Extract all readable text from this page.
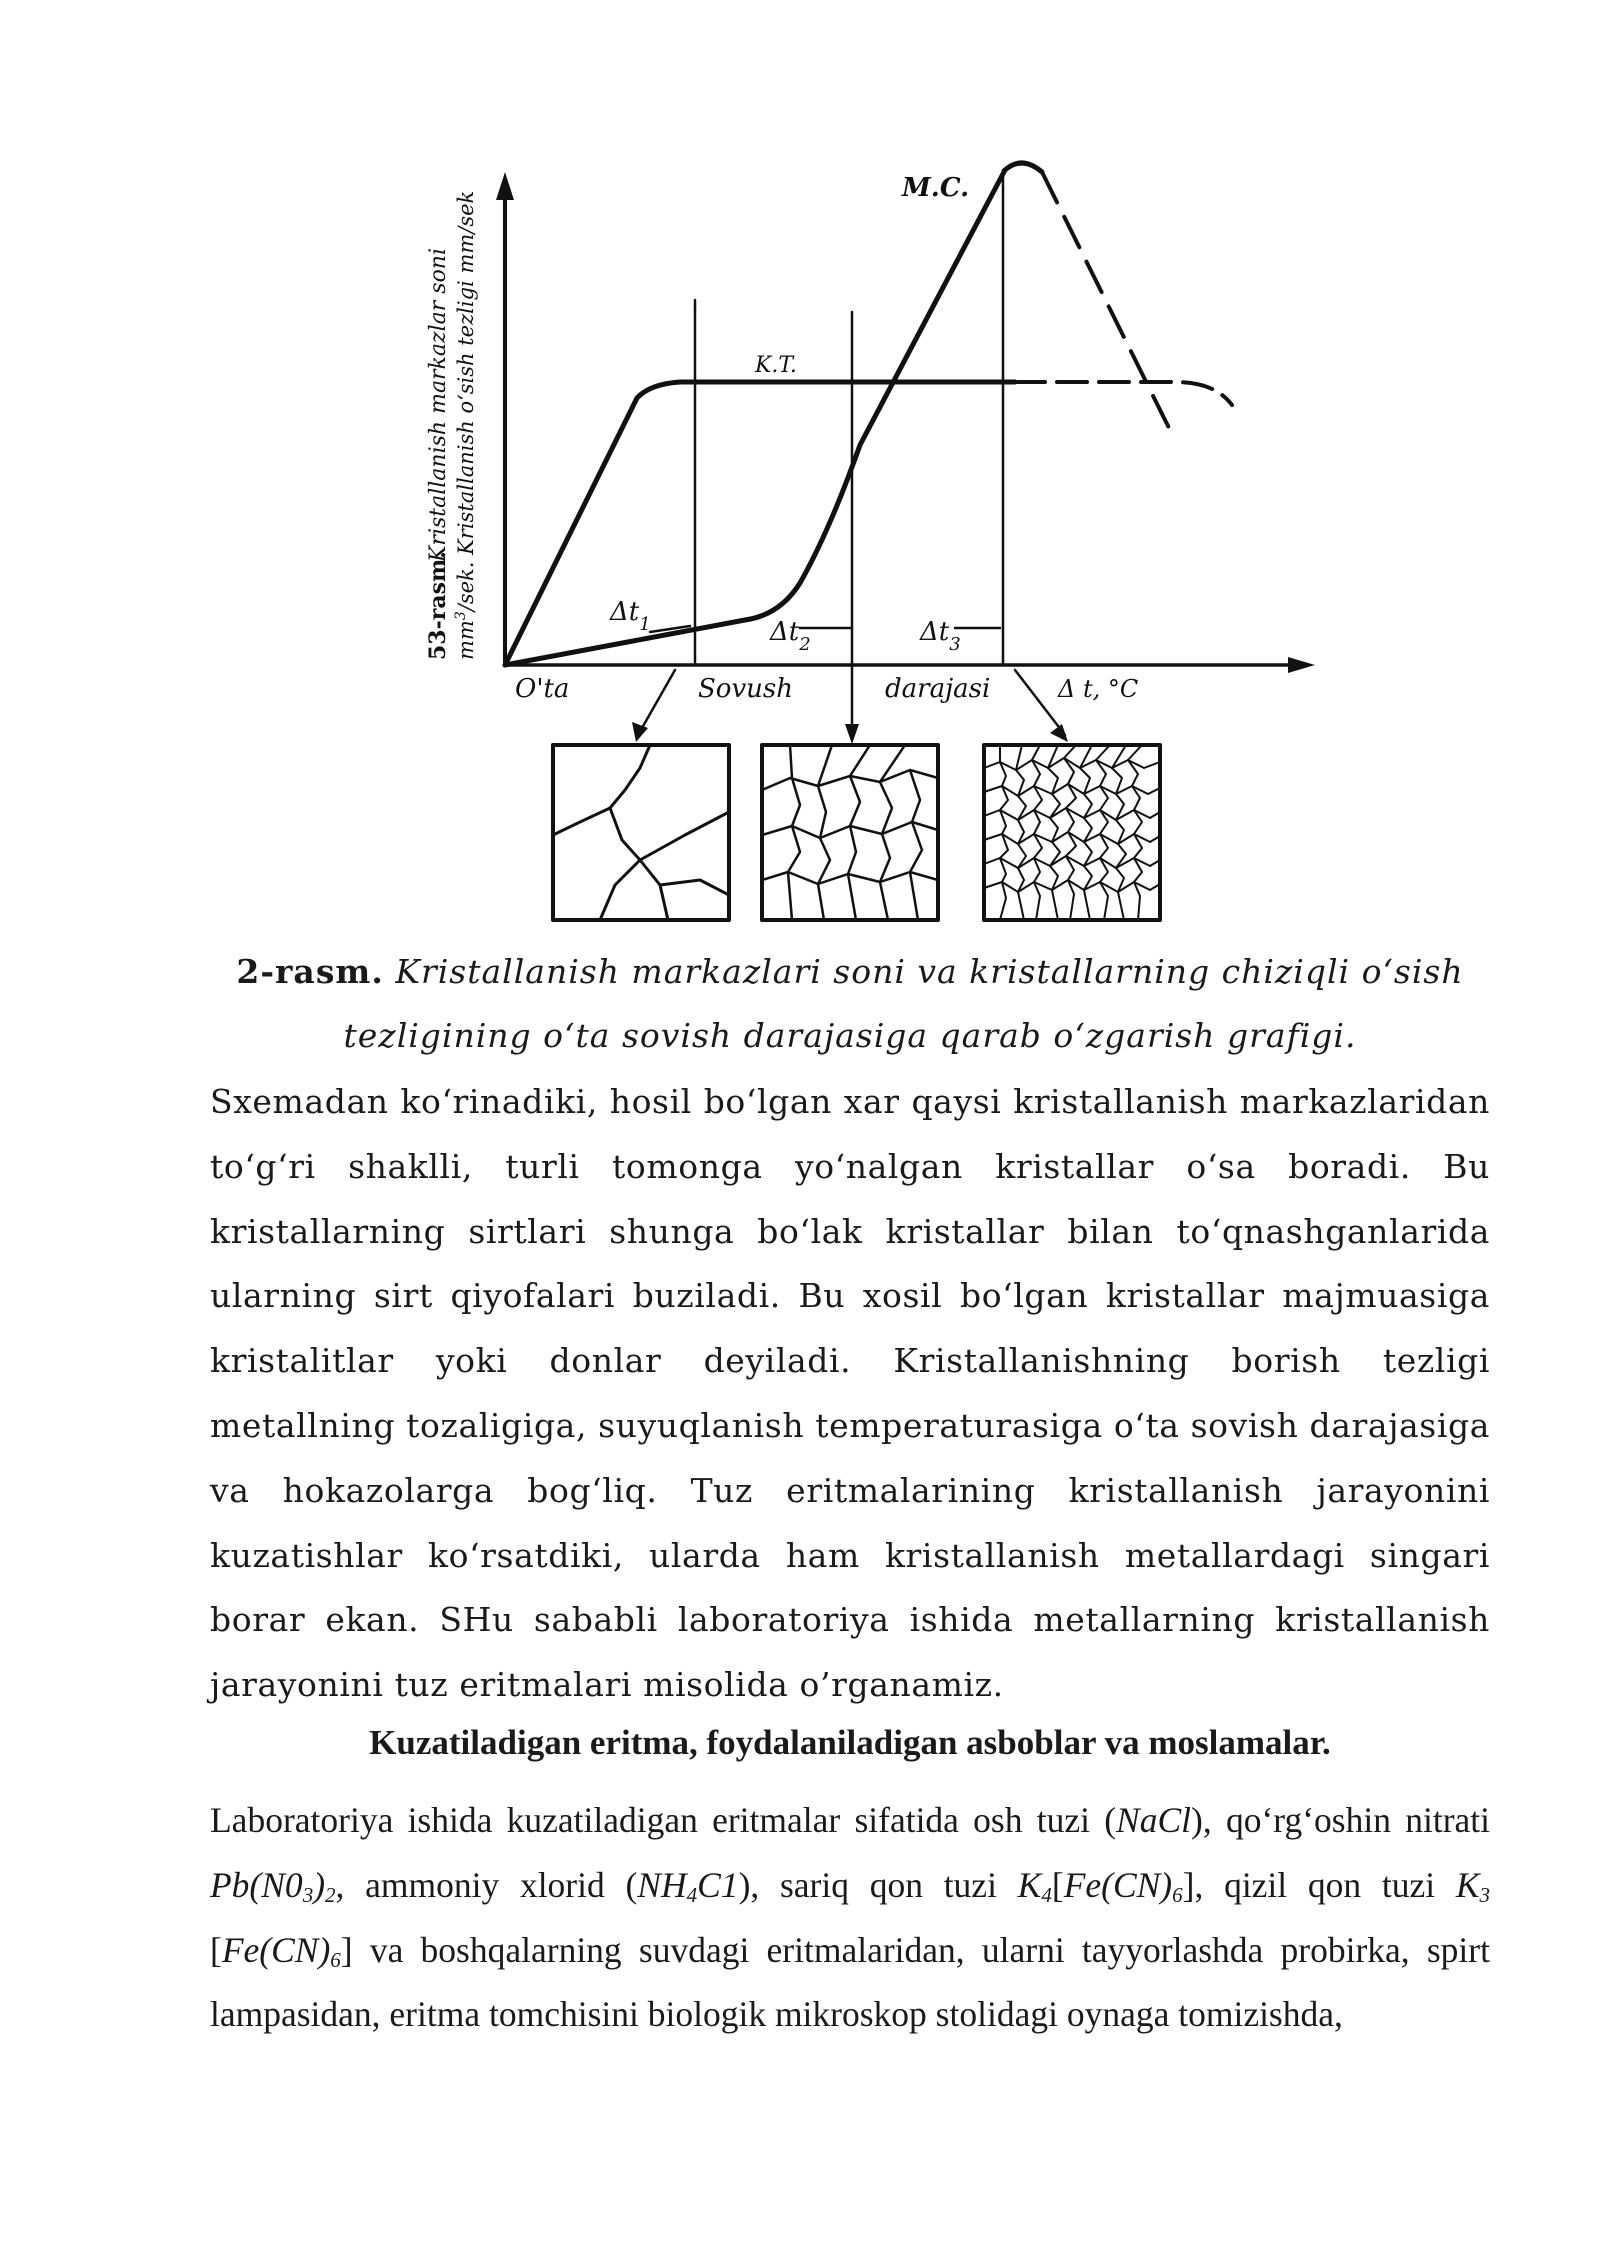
53-rasm.
Kristallanish markazlar soni
$mm^3$/sek. Kristallanish o‘sish tezligi mm/sek
M.C.
K.T.
$\Delta t_1$	$\Delta t_2$	$\Delta t_3$
O'ta	Sovush	darajasi	Δ t, °C
2-rasm. Kristallanish markazlari soni va kristallarning chiziqli o‘sish tezligining o‘ta sovish darajasiga qarab o‘zgarish grafigi.
Sxemadan ko‘rinadiki, hosil bo‘lgan xar qaysi kristallanish markazlaridan to‘g‘ri shaklli, turli tomonga yo‘nalgan kristallar o‘sa boradi. Bu kristallarning sirtlari shunga bo‘lak kristallar bilan to‘qnashganlarida ularning sirt qiyofalari buziladi. Bu xosil bo‘lgan kristallar majmuasiga kristalitlar yoki donlar deyiladi. Kristallanishning borish tezligi metallning tozaligiga, suyuqlanish temperaturasiga o‘ta sovish darajasiga va hokazolarga bog‘liq. Tuz eritmalarining kristallanish jarayonini kuzatishlar ko‘rsatdiki, ularda ham kristallanish metallardagi singari borar ekan. SHu sababli laboratoriya ishida metallarning kristallanish jarayonini tuz eritmalari misolida o’rganamiz.
Kuzatiladigan eritma, foydalaniladigan asboblar va moslamalar.
Laboratoriya ishida kuzatiladigan eritmalar sifatida osh tuzi (NaCl), qo‘rg‘oshin nitrati $Pb(N0_3)_2$, ammoniy xlorid $(NH_4C1)$, sariq qon tuzi $K_4[Fe(CN)_6]$, qizil qon tuzi $K_3$ $[Fe(CN)_6]$ va boshqalarning suvdagi eritmalaridan, ularni tayyorlashda probirka, spirt lampasidan, eritma tomchisini biologik mikroskop stolidagi oynaga tomizishda,
